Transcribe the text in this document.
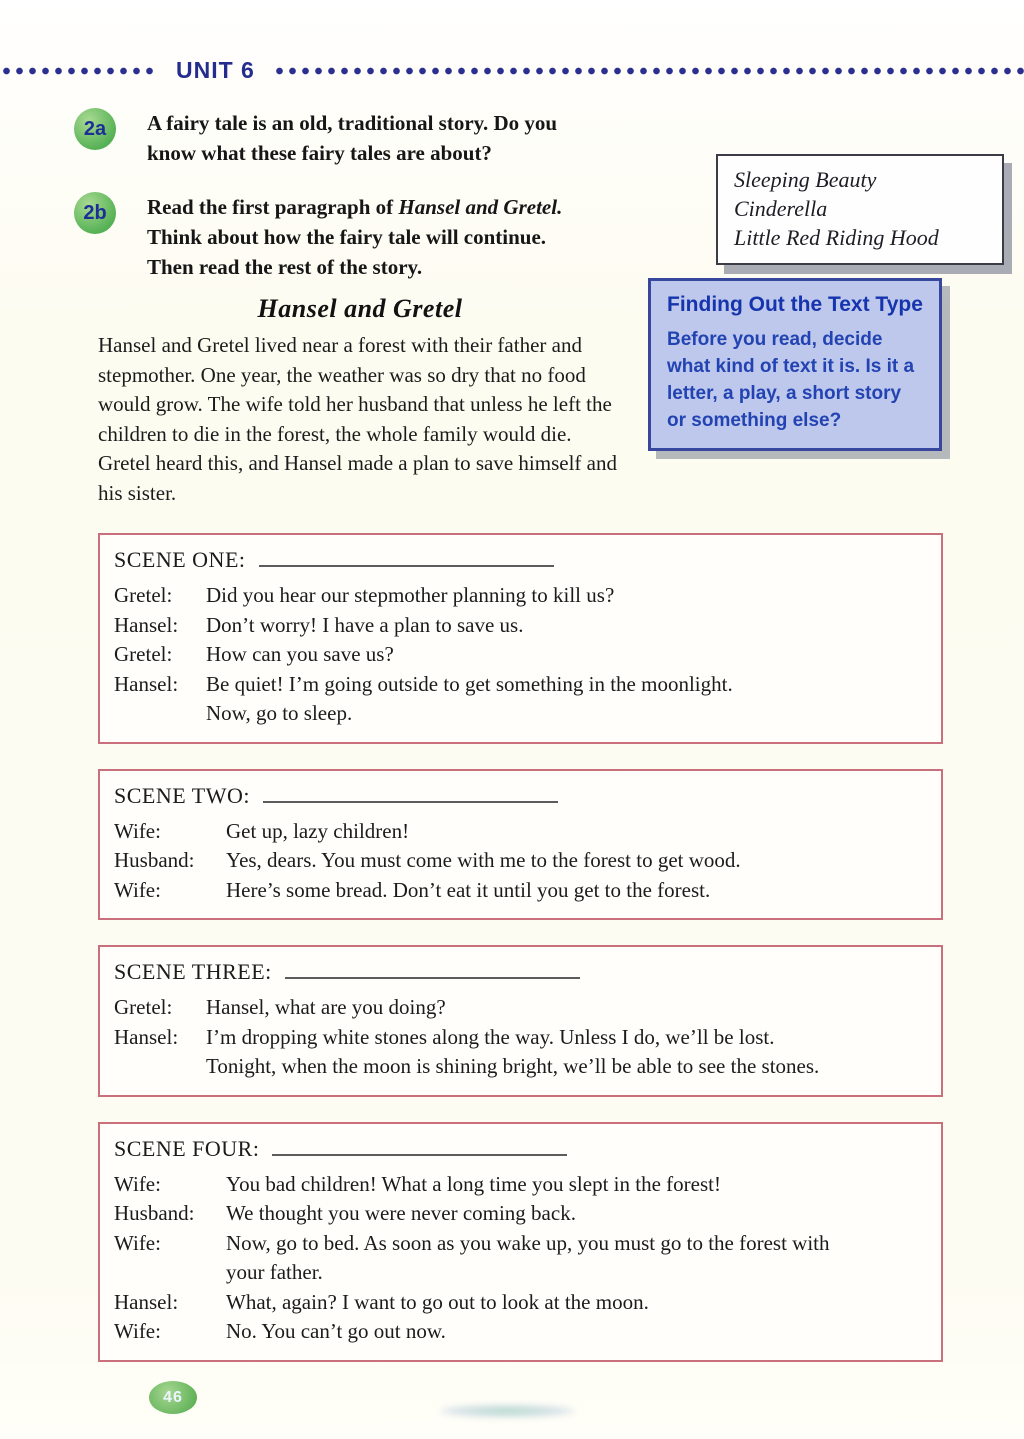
UNIT 6
Sleeping Beauty
Cinderella
Little Red Riding Hood
2a	A fairy tale is an old, traditional story. Do you
know what these fairy tales are about?
2b	Read the first paragraph of Hansel and Gretel.
Think about how the fairy tale will continue.
Then read the rest of the story.
Finding Out the Text Type
Before you read, decide what kind of text it is. Is it a letter, a play, a short story or something else?
Hansel and Gretel
Hansel and Gretel lived near a forest with their father and stepmother. One year, the weather was so dry that no food would grow. The wife told her husband that unless he left the children to die in the forest, the whole family would die. Gretel heard this, and Hansel made a plan to save himself and his sister.
SCENE ONE:
Gretel:	Did you hear our stepmother planning to kill us?
Hansel:	Don’t worry! I have a plan to save us.
Gretel:	How can you save us?
Hansel:	Be quiet! I’m going outside to get something in the moonlight.
Now, go to sleep.
SCENE TWO:
Wife:	Get up, lazy children!
Husband:	Yes, dears. You must come with me to the forest to get wood.
Wife:	Here’s some bread. Don’t eat it until you get to the forest.
SCENE THREE:
Gretel:	Hansel, what are you doing?
Hansel:	I’m dropping white stones along the way. Unless I do, we’ll be lost.
Tonight, when the moon is shining bright, we’ll be able to see the stones.
SCENE FOUR:
Wife:	You bad children! What a long time you slept in the forest!
Husband:	We thought you were never coming back.
Wife:	Now, go to bed. As soon as you wake up, you must go to the forest with
your father.
Hansel:	What, again? I want to go out to look at the moon.
Wife:	No. You can’t go out now.
46
